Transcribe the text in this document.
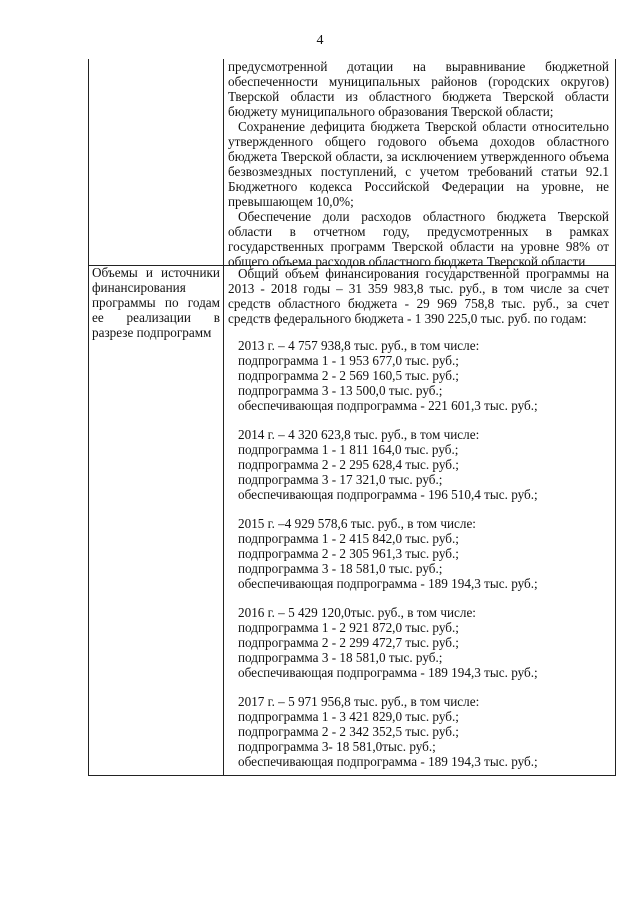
4

предусмотренной дотации на выравнивание бюджетной обеспеченности муниципальных районов (городских округов) Тверской области из областного бюджета Тверской области бюджету муниципального образования Тверской области;

Сохранение дефицита бюджета Тверской области относительно утвержденного общего годового объема доходов областного бюджета Тверской области, за исключением утвержденного объема безвозмездных поступлений, с учетом требований статьи 92.1 Бюджетного кодекса Российской Федерации на уровне, не превышающем 10,0%;

Обеспечение доли расходов областного бюджета Тверской области в отчетном году, предусмотренных в рамках государственных программ Тверской области на уровне 98% от общего объема расходов областного бюджета Тверской области

Объемы и источники
финансирования
программы по годам
ее реализации в
разрезе подпрограмм

Общий объем финансирования государственной программы на 2013 - 2018 годы – 31 359 983,8 тыс. руб., в том числе за счет средств областного бюджета - 29 969 758,8 тыс. руб., за счет средств федерального бюджета - 1 390 225,0 тыс. руб. по годам:

2013 г. – 4 757 938,8 тыс. руб., в том числе:
подпрограмма 1 - 1 953 677,0 тыс. руб.;
подпрограмма 2 - 2 569 160,5 тыс. руб.;
подпрограмма 3 - 13 500,0 тыс. руб.;
обеспечивающая подпрограмма - 221 601,3 тыс. руб.;
2014 г. – 4 320 623,8 тыс. руб., в том числе:
подпрограмма 1 - 1 811 164,0 тыс. руб.;
подпрограмма 2 - 2 295 628,4 тыс. руб.;
подпрограмма 3 - 17 321,0 тыс. руб.;
обеспечивающая подпрограмма - 196 510,4 тыс. руб.;
2015 г. –4 929 578,6 тыс. руб., в том числе:
подпрограмма 1 - 2 415 842,0 тыс. руб.;
подпрограмма 2 - 2 305 961,3 тыс. руб.;
подпрограмма 3 - 18 581,0 тыс. руб.;
обеспечивающая подпрограмма - 189 194,3 тыс. руб.;
2016 г. – 5 429 120,0тыс. руб., в том числе:
подпрограмма 1 - 2 921 872,0 тыс. руб.;
подпрограмма 2 - 2 299 472,7 тыс. руб.;
подпрограмма 3 - 18 581,0 тыс. руб.;
обеспечивающая подпрограмма - 189 194,3 тыс. руб.;
2017 г. – 5 971 956,8 тыс. руб., в том числе:
подпрограмма 1 - 3 421 829,0 тыс. руб.;
подпрограмма 2 - 2 342 352,5 тыс. руб.;
подпрограмма 3- 18 581,0тыс. руб.;
обеспечивающая подпрограмма - 189 194,3 тыс. руб.;
